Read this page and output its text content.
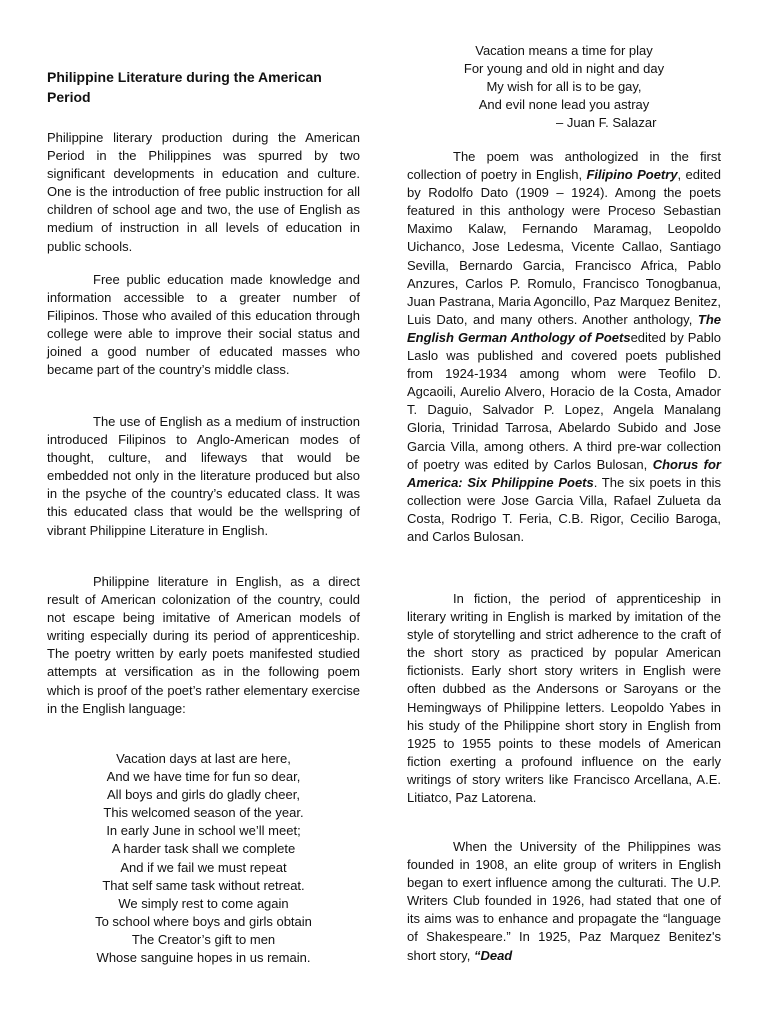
Philippine Literature during the American Period

Philippine literary production during the American Period in the Philippines was spurred by two significant developments in education and culture. One is the introduction of free public instruction for all children of school age and two, the use of English as medium of instruction in all levels of education in public schools.

Free public education made knowledge and information accessible to a greater number of Filipinos. Those who availed of this education through college were able to improve their social status and joined a good number of educated masses who became part of the country’s middle class.

The use of English as a medium of instruction introduced Filipinos to Anglo-American modes of thought, culture, and lifeways that would be embedded not only in the literature produced but also in the psyche of the country’s educated class. It was this educated class that would be the wellspring of vibrant Philippine Literature in English.

Philippine literature in English, as a direct result of American colonization of the country, could not escape being imitative of American models of writing especially during its period of apprenticeship. The poetry written by early poets manifested studied attempts at versification as in the following poem which is proof of the poet’s rather elementary exercise in the English language:

Vacation days at last are here,
And we have time for fun so dear,
All boys and girls do gladly cheer,
This welcomed season of the year.
In early June in school we’ll meet;
A harder task shall we complete
And if we fail we must repeat
That self same task without retreat.
We simply rest to come again
To school where boys and girls obtain
The Creator’s gift to men
Whose sanguine hopes in us remain.
Vacation means a time for play
For young and old in night and day
My wish for all is to be gay,
And evil none lead you astray
– Juan F. Salazar

The poem was anthologized in the first collection of poetry in English, Filipino Poetry, edited by Rodolfo Dato (1909 – 1924). Among the poets featured in this anthology were Proceso Sebastian Maximo Kalaw, Fernando Maramag, Leopoldo Uichanco, Jose Ledesma, Vicente Callao, Santiago Sevilla, Bernardo Garcia, Francisco Africa, Pablo Anzures, Carlos P. Romulo, Francisco Tonogbanua, Juan Pastrana, Maria Agoncillo, Paz Marquez Benitez, Luis Dato, and many others. Another anthology, The English German Anthology of Poetsedited by Pablo Laslo was published and covered poets published from 1924-1934 among whom were Teofilo D. Agcaoili, Aurelio Alvero, Horacio de la Costa, Amador T. Daguio, Salvador P. Lopez, Angela Manalang Gloria, Trinidad Tarrosa, Abelardo Subido and Jose Garcia Villa, among others. A third pre-war collection of poetry was edited by Carlos Bulosan, Chorus for America: Six Philippine Poets. The six poets in this collection were Jose Garcia Villa, Rafael Zulueta da Costa, Rodrigo T. Feria, C.B. Rigor, Cecilio Baroga, and Carlos Bulosan.

In fiction, the period of apprenticeship in literary writing in English is marked by imitation of the style of storytelling and strict adherence to the craft of the short story as practiced by popular American fictionists. Early short story writers in English were often dubbed as the Andersons or Saroyans or the Hemingways of Philippine letters. Leopoldo Yabes in his study of the Philippine short story in English from 1925 to 1955 points to these models of American fiction exerting a profound influence on the early writings of story writers like Francisco Arcellana, A.E. Litiatco, Paz Latorena.

When the University of the Philippines was founded in 1908, an elite group of writers in English began to exert influence among the culturati. The U.P. Writers Club founded in 1926, had stated that one of its aims was to enhance and propagate the “language of Shakespeare.” In 1925, Paz Marquez Benitez's short story, “Dead
